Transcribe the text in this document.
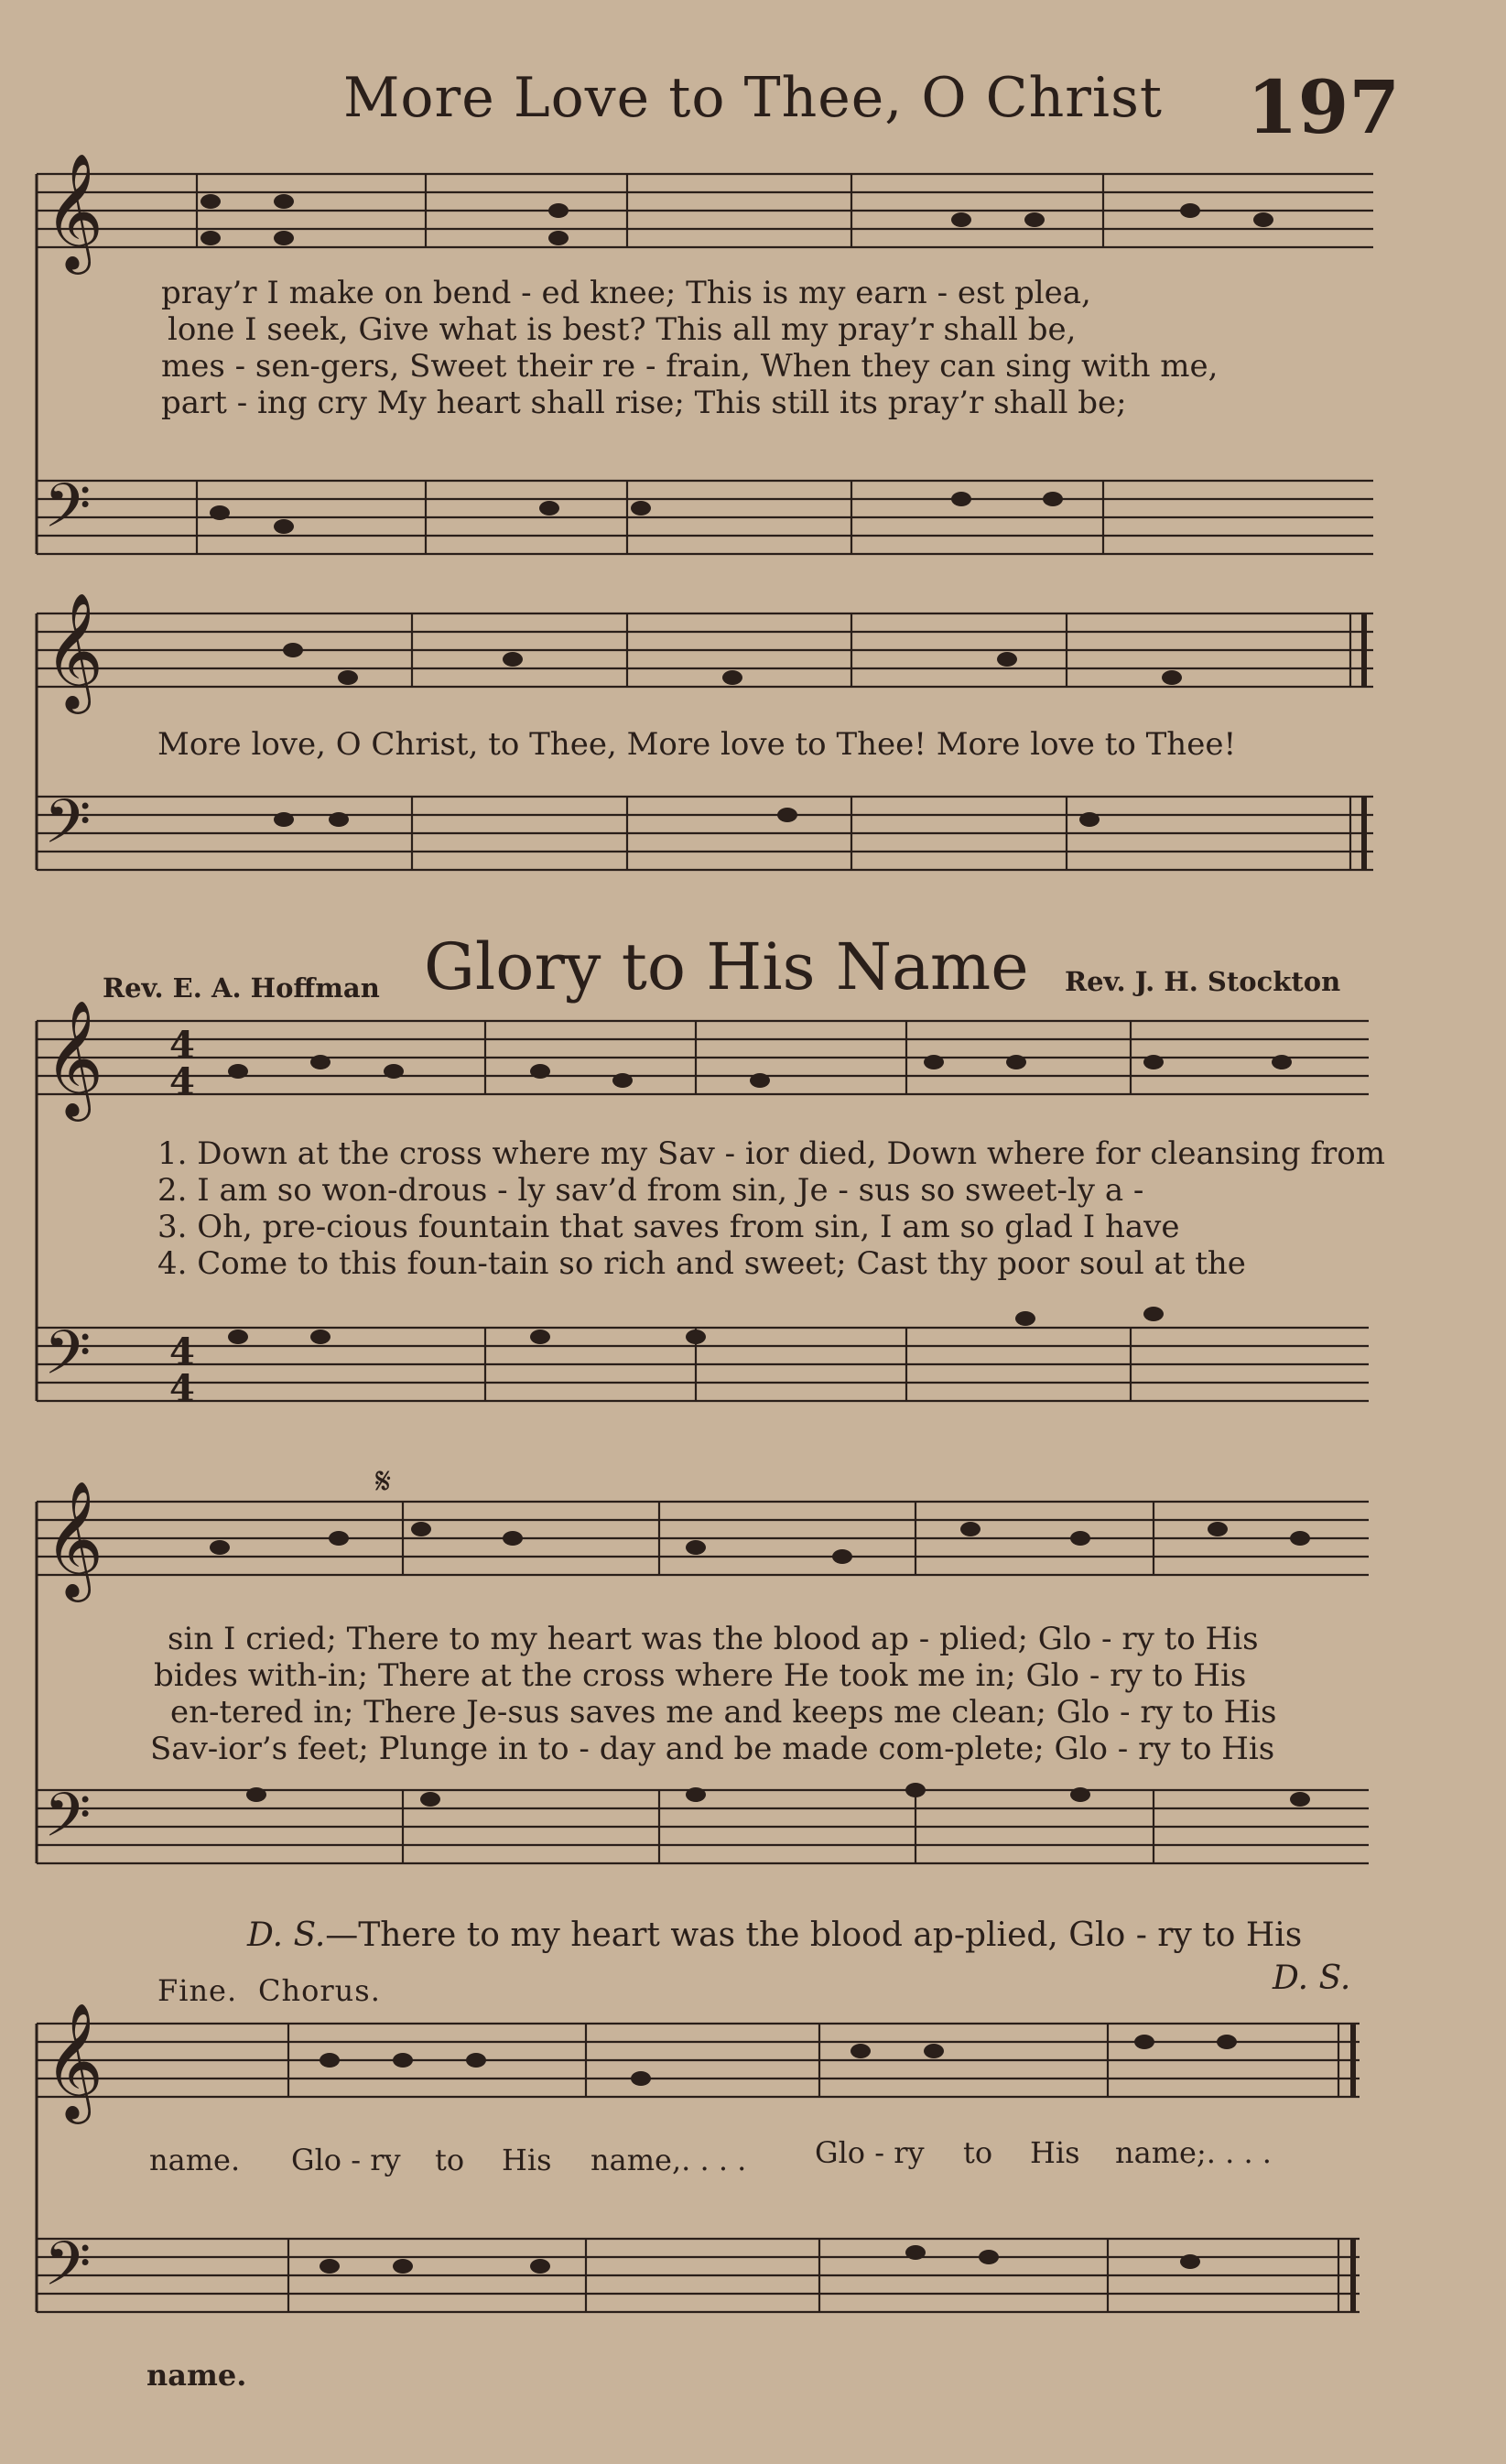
𝄞
𝄢
𝄞
𝄢
𝄞
𝄢
𝄞
𝄢
𝄞
𝄢
4
4
4
4
More Love to Thee, O Christ 197
pray’r I make on bend - ed knee; This is my earn - est plea,
lone I seek, Give what is best? This all my pray’r shall be,
mes - sen-gers, Sweet their re - frain, When they can sing with me,
part - ing cry My heart shall rise; This still its pray’r shall be;
More love, O Christ, to Thee, More love to Thee! More love to Thee!
Rev. E. A. Hoffman Glory to His Name Rev. J. H. Stockton
1. Down at the cross where my Sav - ior died, Down where for cleansing from
2. I am so won-drous - ly sav’d from sin, Je - sus so sweet-ly a -
3. Oh, pre-cious fountain that saves from sin, I am so glad I have
4. Come to this foun-tain so rich and sweet; Cast thy poor soul at the
𝄋
sin I cried; There to my heart was the blood ap - plied; Glo - ry to His
bides with-in; There at the cross where He took me in; Glo - ry to His
en-tered in; There Je-sus saves me and keeps me clean; Glo - ry to His
Sav-ior’s feet; Plunge in to - day and be made com-plete; Glo - ry to His
D. S.—There to my heart was the blood ap-plied, Glo - ry to His
Fine. Chorus.	D. S.
name. Glo - ry to His name,. . . . Glo - ry to His name;. . . .
name.
